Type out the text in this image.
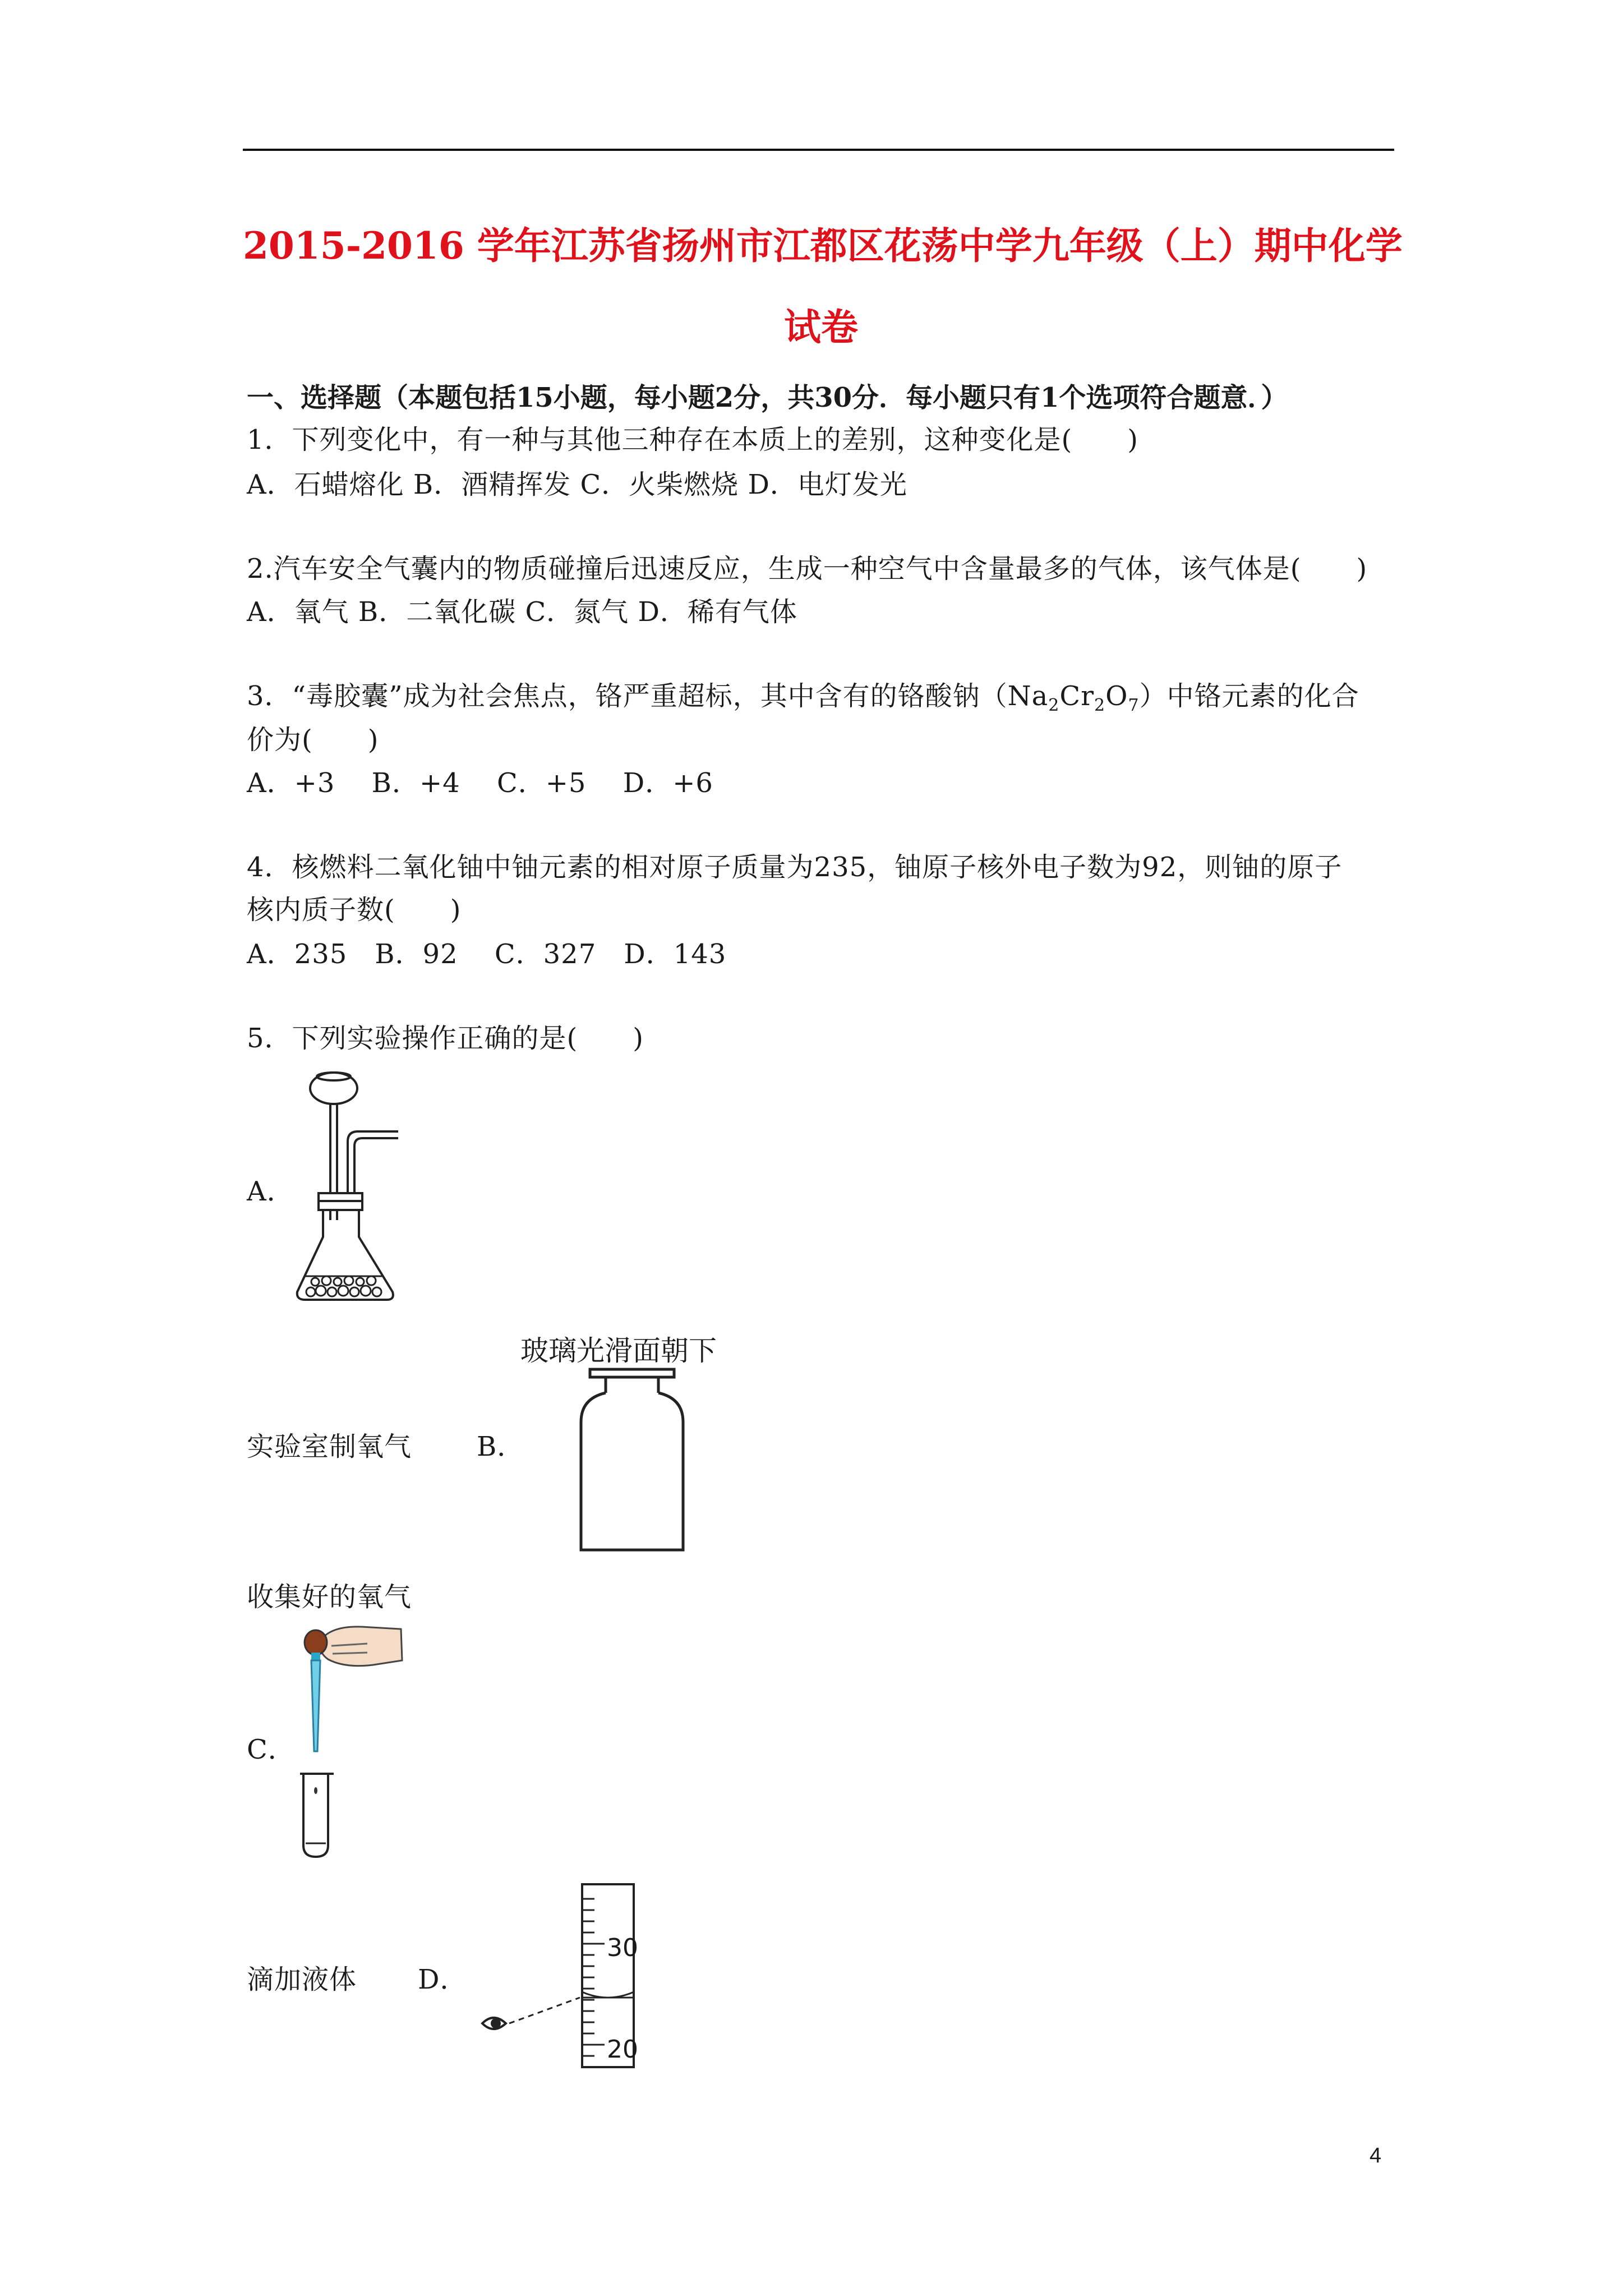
2015-2016 学年江苏省扬州市江都区花荡中学九年级（上）期中化学
试卷
一、选择题（本题包括15小题，每小题2分，共30分．每小题只有1个选项符合题意．）
1．下列变化中，有一种与其他三种存在本质上的差别，这种变化是(　　)
A．石蜡熔化 B．酒精挥发 C．火柴燃烧 D．电灯发光
2.汽车安全气囊内的物质碰撞后迅速反应，生成一种空气中含量最多的气体，该气体是(　　)
A．氧气 B．二氧化碳 C．氮气 D．稀有气体
3．“毒胶囊”成为社会焦点，铬严重超标，其中含有的铬酸钠$(Na_2Cr_2O_7)$中铬元素的化合
价为(　　)
A．+3　 B．+4　 C．+5　 D．+6
4．核燃料二氧化铀中铀元素的相对原子质量为235，铀原子核外电子数为92，则铀的原子
核内质子数(　　)
A．235　B．92　 C．327　D．143
5．下列实验操作正确的是(　　)
A．
实验室制氧气 B．
玻璃光滑面朝下
收集好的氧气
C．
滴加液体 D．
30
20
4
